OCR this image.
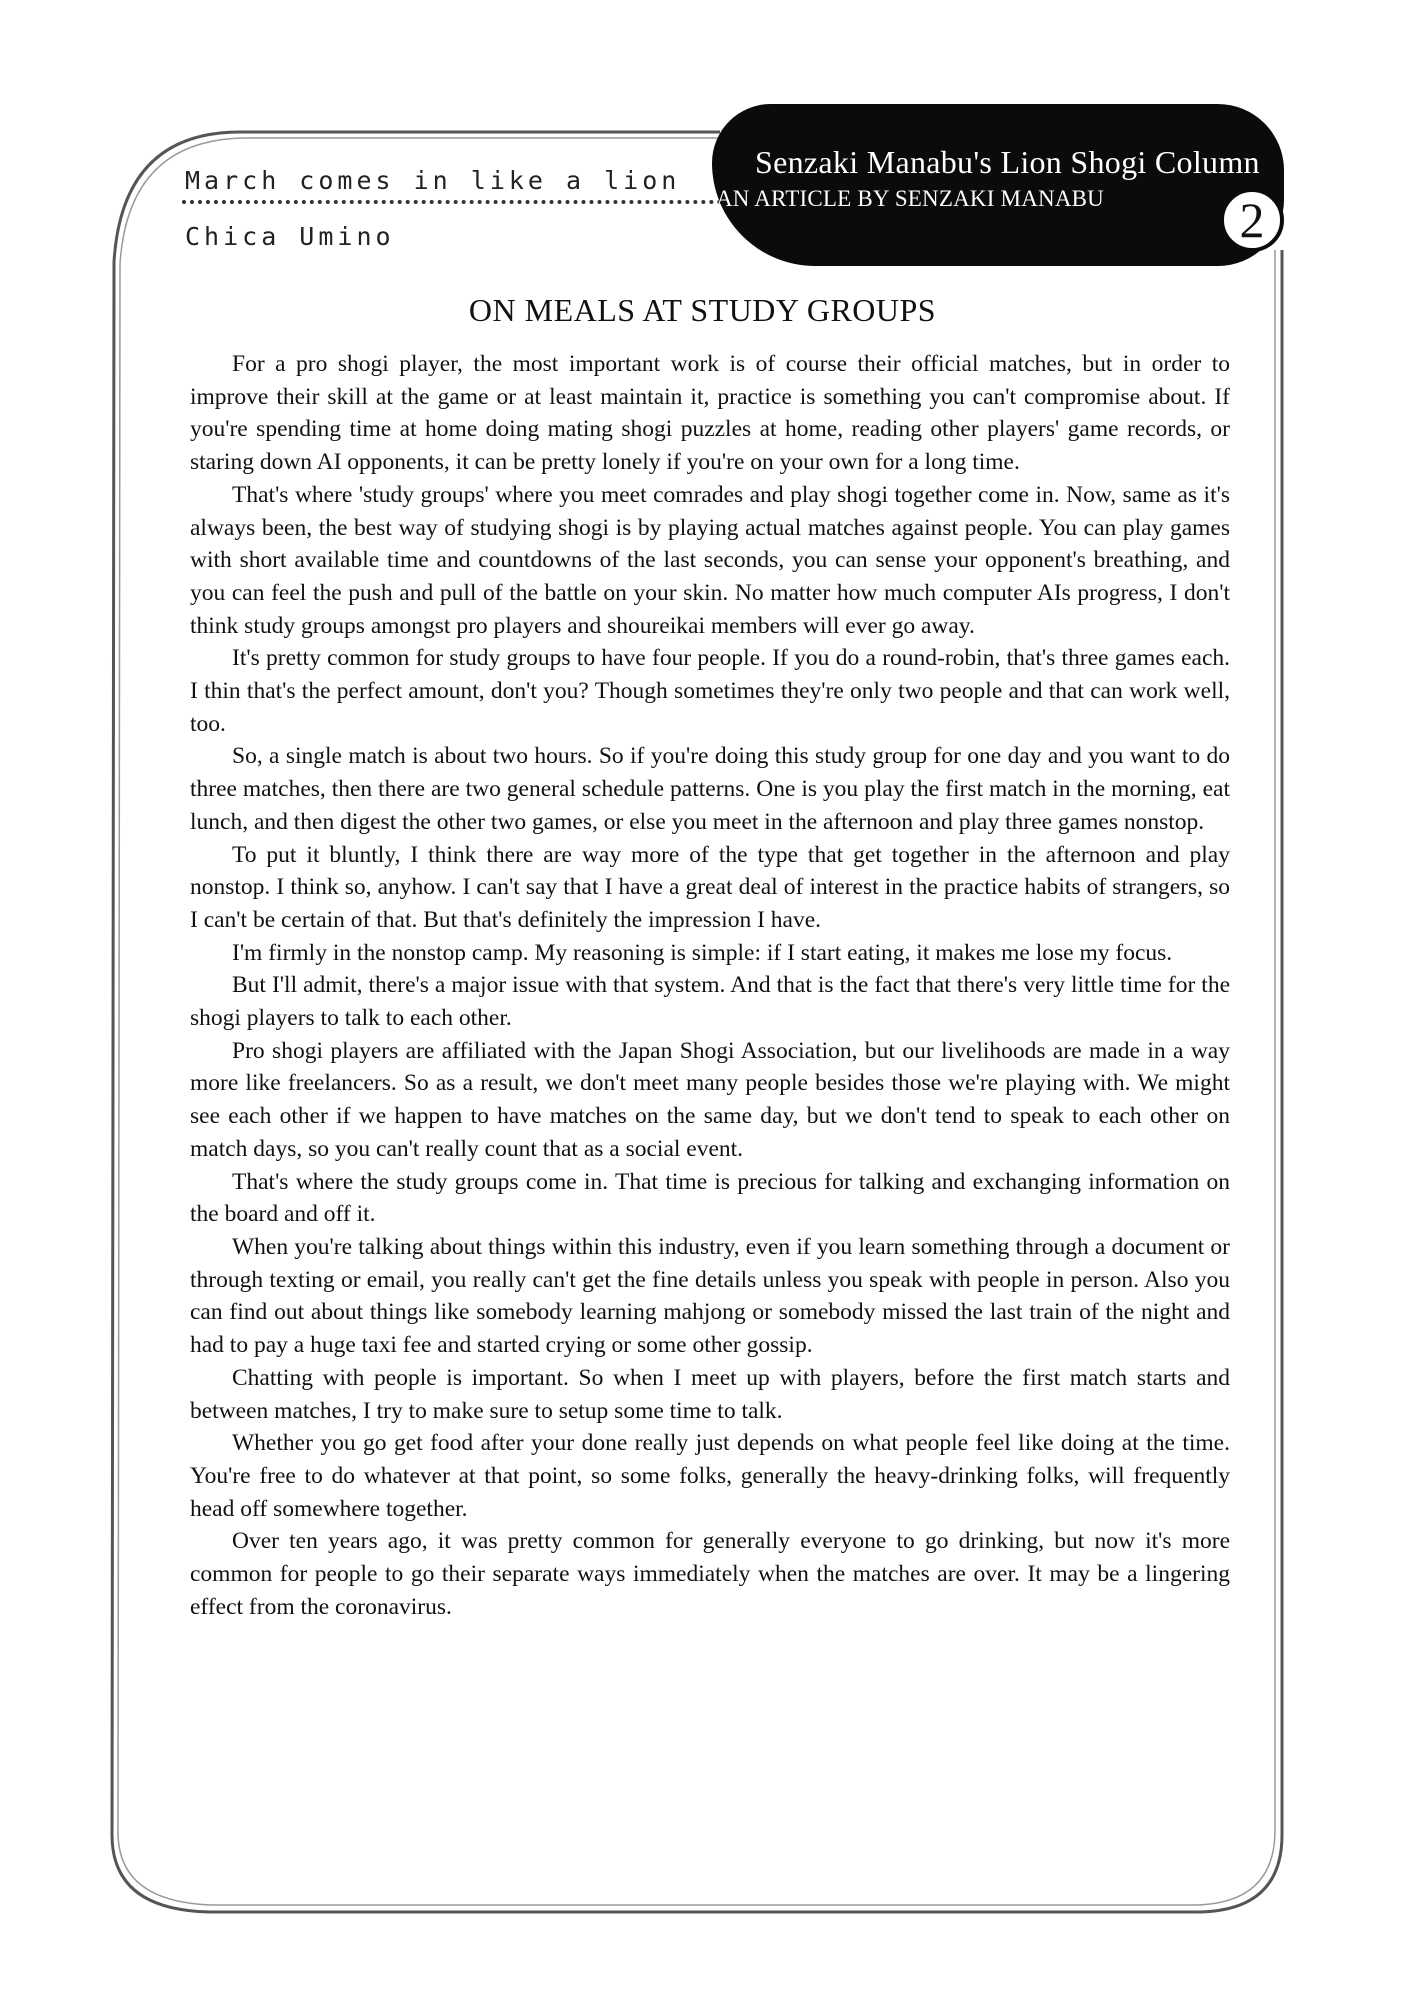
March comes in like a lion
Chica Umino
Senzaki Manabu's Lion Shogi Column
AN ARTICLE BY SENZAKI MANABU	2
ON MEALS AT STUDY GROUPS

For a pro shogi player, the most important work is of course their official matches, but in order to improve their skill at the game or at least maintain it, practice is something you can't compromise about. If you're spending time at home doing mating shogi puzzles at home, reading other players' game records, or staring down AI opponents, it can be pretty lonely if you're on your own for a long time.

That's where 'study groups' where you meet comrades and play shogi together come in. Now, same as it's always been, the best way of studying shogi is by playing actual matches against people. You can play games with short available time and countdowns of the last seconds, you can sense your opponent's breathing, and you can feel the push and pull of the battle on your skin. No matter how much computer AIs progress, I don't think study groups amongst pro players and shoureikai members will ever go away.

It's pretty common for study groups to have four people. If you do a round-robin, that's three games each. I thin that's the perfect amount, don't you? Though sometimes they're only two people and that can work well, too.

So, a single match is about two hours. So if you're doing this study group for one day and you want to do three matches, then there are two general schedule patterns. One is you play the first match in the morning, eat lunch, and then digest the other two games, or else you meet in the afternoon and play three games nonstop.

To put it bluntly, I think there are way more of the type that get together in the afternoon and play nonstop. I think so, anyhow. I can't say that I have a great deal of interest in the practice habits of strangers, so I can't be certain of that. But that's definitely the impression I have.

I'm firmly in the nonstop camp. My reasoning is simple: if I start eating, it makes me lose my focus.

But I'll admit, there's a major issue with that system. And that is the fact that there's very little time for the shogi players to talk to each other.

Pro shogi players are affiliated with the Japan Shogi Association, but our livelihoods are made in a way more like freelancers. So as a result, we don't meet many people besides those we're playing with. We might see each other if we happen to have matches on the same day, but we don't tend to speak to each other on match days, so you can't really count that as a social event.

That's where the study groups come in. That time is precious for talking and exchanging information on the board and off it.

When you're talking about things within this industry, even if you learn something through a document or through texting or email, you really can't get the fine details unless you speak with people in person. Also you can find out about things like somebody learning mahjong or somebody missed the last train of the night and had to pay a huge taxi fee and started crying or some other gossip.

Chatting with people is important. So when I meet up with players, before the first match starts and between matches, I try to make sure to setup some time to talk.

Whether you go get food after your done really just depends on what people feel like doing at the time. You're free to do whatever at that point, so some folks, generally the heavy-drinking folks, will frequently head off somewhere together.

Over ten years ago, it was pretty common for generally everyone to go drinking, but now it's more common for people to go their separate ways immediately when the matches are over. It may be a lingering effect from the coronavirus.
